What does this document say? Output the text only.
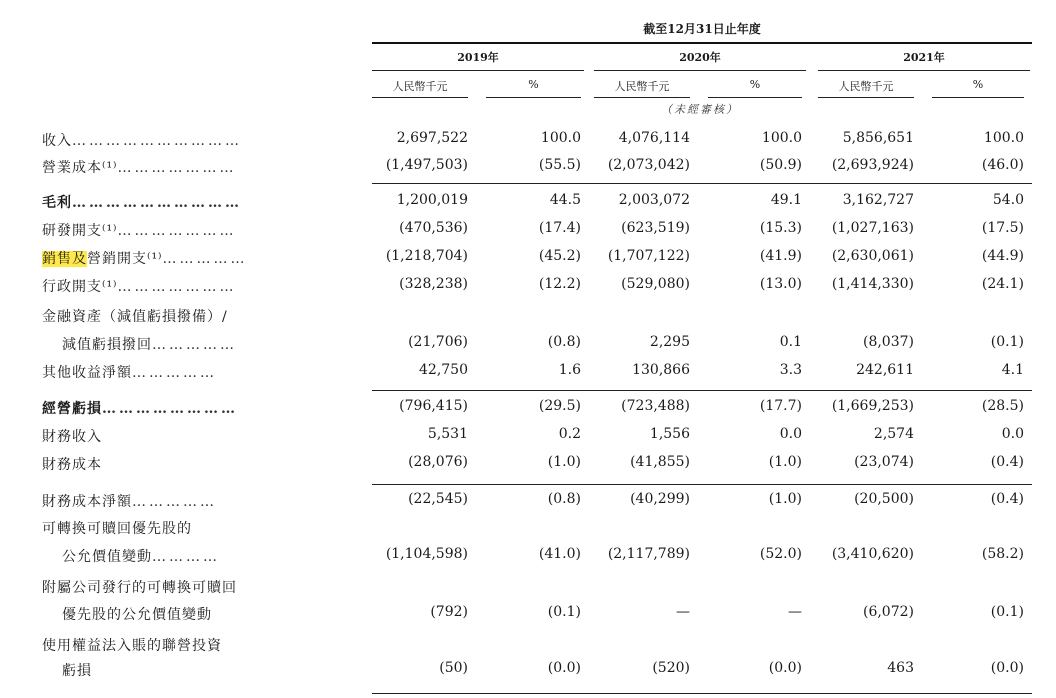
截至12月31日止年度
2019年	2020年	2021年
人民幣千元	%	人民幣千元	%	人民幣千元	%
（未經審核）
收入…………………………	2,697,522	100.0	4,076,114	100.0	5,856,651	100.0
營業成本⁽¹⁾…………………	(1,497,503)	(55.5)	(2,073,042)	(50.9)	(2,693,924)	(46.0)
毛利…………………………	1,200,019	44.5	2,003,072	49.1	3,162,727	54.0
研發開支⁽¹⁾…………………	(470,536)	(17.4)	(623,519)	(15.3)	(1,027,163)	(17.5)
銷售及營銷開支⁽¹⁾……………	(1,218,704)	(45.2)	(1,707,122)	(41.9)	(2,630,061)	(44.9)
行政開支⁽¹⁾…………………	(328,238)	(12.2)	(529,080)	(13.0)	(1,414,330)	(24.1)
金融資產（減值虧損撥備）/
減值虧損撥回……………	(21,706)	(0.8)	2,295	0.1	(8,037)	(0.1)
其他收益淨額……………	42,750	1.6	130,866	3.3	242,611	4.1
經營虧損……………………	(796,415)	(29.5)	(723,488)	(17.7)	(1,669,253)	(28.5)
財務收入	5,531	0.2	1,556	0.0	2,574	0.0
財務成本	(28,076)	(1.0)	(41,855)	(1.0)	(23,074)	(0.4)
財務成本淨額……………	(22,545)	(0.8)	(40,299)	(1.0)	(20,500)	(0.4)
可轉換可贖回優先股的
公允價值變動…………	(1,104,598)	(41.0)	(2,117,789)	(52.0)	(3,410,620)	(58.2)
附屬公司發行的可轉換可贖回
優先股的公允價值變動	(792)	(0.1)	—	—	(6,072)	(0.1)
使用權益法入賬的聯營投資
虧損	(50)	(0.0)	(520)	(0.0)	463	(0.0)
